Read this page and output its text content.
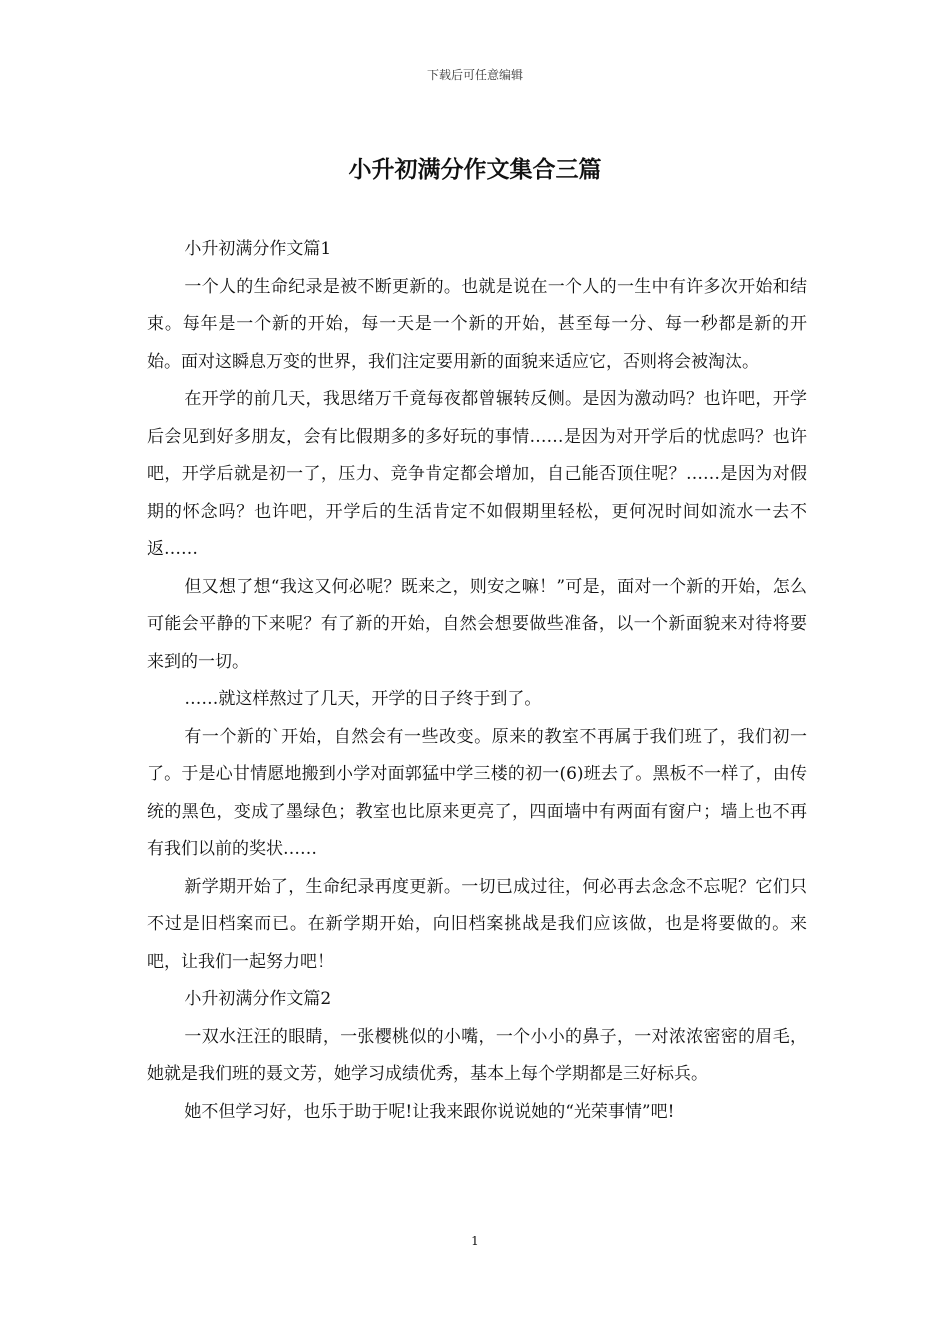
下载后可任意编辑
小升初满分作文集合三篇

小升初满分作文篇1

一个人的生命纪录是被不断更新的。也就是说在一个人的一生中有许多次开始和结束。每年是一个新的开始，每一天是一个新的开始，甚至每一分、每一秒都是新的开始。面对这瞬息万变的世界，我们注定要用新的面貌来适应它，否则将会被淘汰。

在开学的前几天，我思绪万千竟每夜都曾辗转反侧。是因为激动吗？也许吧，开学后会见到好多朋友，会有比假期多的多好玩的事情……是因为对开学后的忧虑吗？也许吧，开学后就是初一了，压力、竞争肯定都会增加，自己能否顶住呢？……是因为对假期的怀念吗？也许吧，开学后的生活肯定不如假期里轻松，更何况时间如流水一去不返……

但又想了想“我这又何必呢？既来之，则安之嘛！”可是，面对一个新的开始，怎么可能会平静的下来呢？有了新的开始，自然会想要做些准备，以一个新面貌来对待将要来到的一切。

……就这样熬过了几天，开学的日子终于到了。

有一个新的`开始，自然会有一些改变。原来的教室不再属于我们班了，我们初一了。于是心甘情愿地搬到小学对面郭猛中学三楼的初一(6)班去了。黑板不一样了，由传统的黑色，变成了墨绿色；教室也比原来更亮了，四面墙中有两面有窗户；墙上也不再有我们以前的奖状……

新学期开始了，生命纪录再度更新。一切已成过往，何必再去念念不忘呢？它们只不过是旧档案而已。在新学期开始，向旧档案挑战是我们应该做，也是将要做的。来吧，让我们一起努力吧！

小升初满分作文篇2

一双水汪汪的眼睛，一张樱桃似的小嘴，一个小小的鼻子，一对浓浓密密的眉毛，她就是我们班的聂文芳，她学习成绩优秀，基本上每个学期都是三好标兵。

她不但学习好，也乐于助于呢!让我来跟你说说她的“光荣事情”吧!

1
